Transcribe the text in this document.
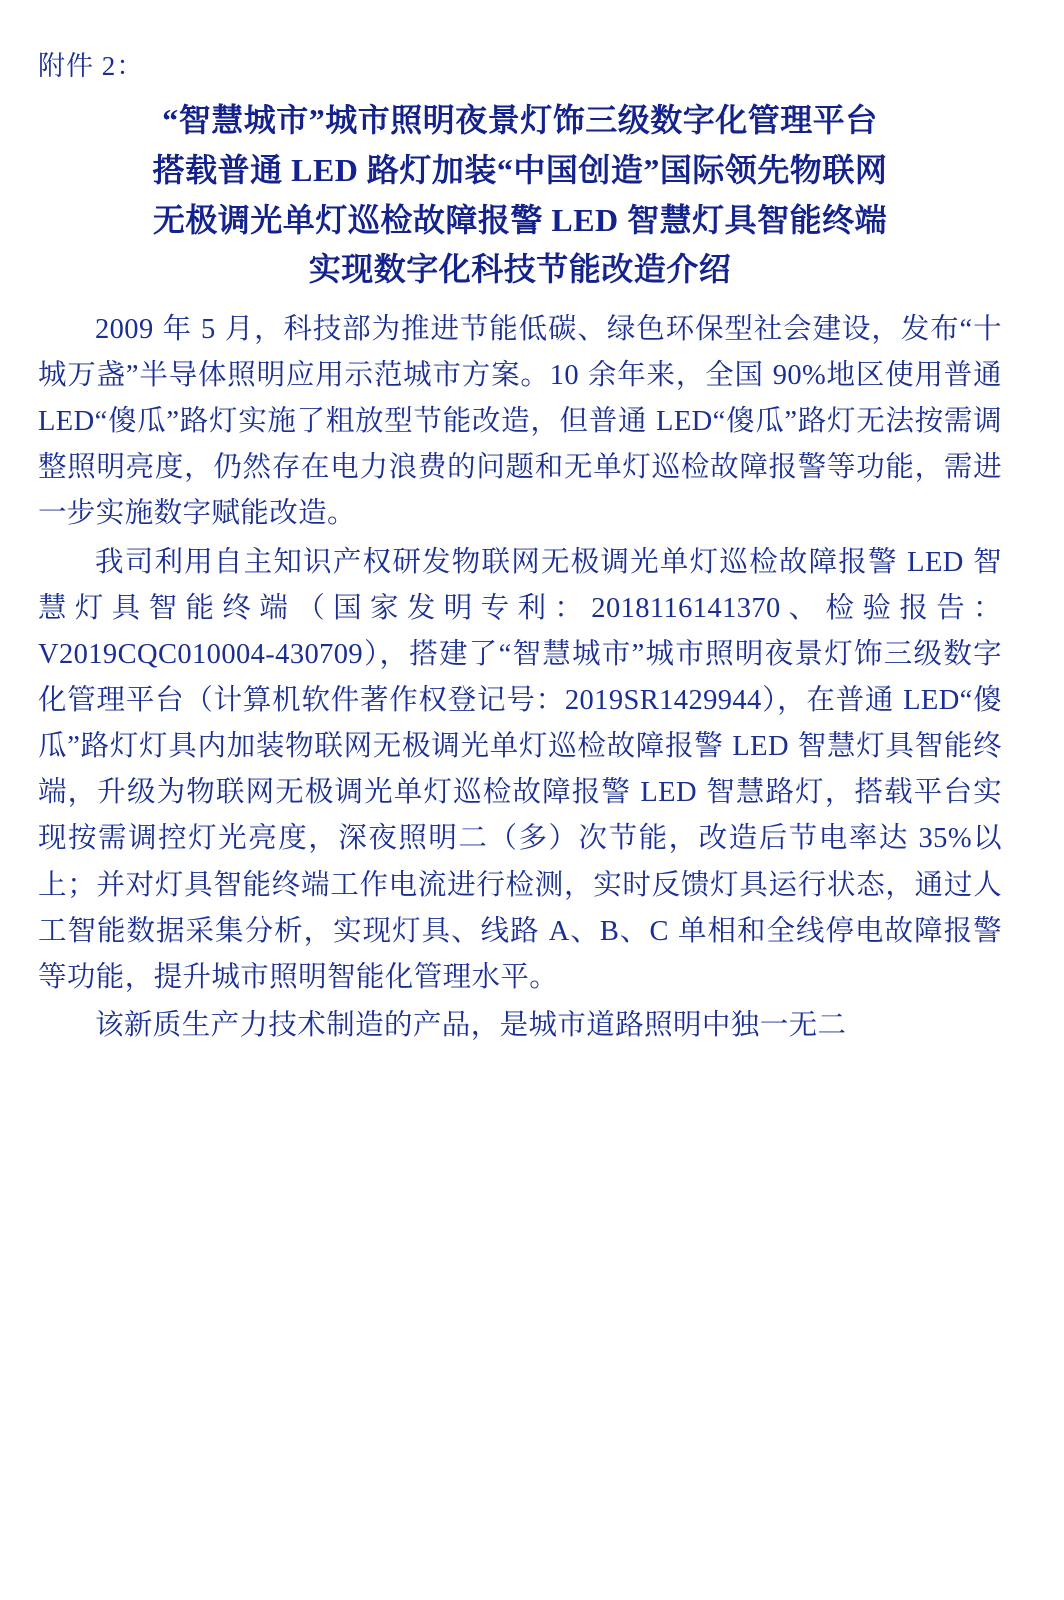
附件 2：
“智慧城市”城市照明夜景灯饰三级数字化管理平台
搭载普通 LED 路灯加装“中国创造”国际领先物联网
无极调光单灯巡检故障报警 LED 智慧灯具智能终端
实现数字化科技节能改造介绍

2009 年 5 月，科技部为推进节能低碳、绿色环保型社会建设，发布“十城万盏”半导体照明应用示范城市方案。10 余年来，全国 90%地区使用普通 LED“傻瓜”路灯实施了粗放型节能改造，但普通 LED“傻瓜”路灯无法按需调整照明亮度，仍然存在电力浪费的问题和无单灯巡检故障报警等功能，需进一步实施数字赋能改造。

我司利用自主知识产权研发物联网无极调光单灯巡检故障报警 LED 智慧灯具智能终端（国家发明专利：2018116141370、检验报告：V2019CQC010004-430709），搭建了“智慧城市”城市照明夜景灯饰三级数字化管理平台（计算机软件著作权登记号：2019SR1429944），在普通 LED“傻瓜”路灯灯具内加装物联网无极调光单灯巡检故障报警 LED 智慧灯具智能终端，升级为物联网无极调光单灯巡检故障报警 LED 智慧路灯，搭载平台实现按需调控灯光亮度，深夜照明二（多）次节能，改造后节电率达 35%以上；并对灯具智能终端工作电流进行检测，实时反馈灯具运行状态，通过人工智能数据采集分析，实现灯具、线路 A、B、C 单相和全线停电故障报警等功能，提升城市照明智能化管理水平。

该新质生产力技术制造的产品，是城市道路照明中独一无二
